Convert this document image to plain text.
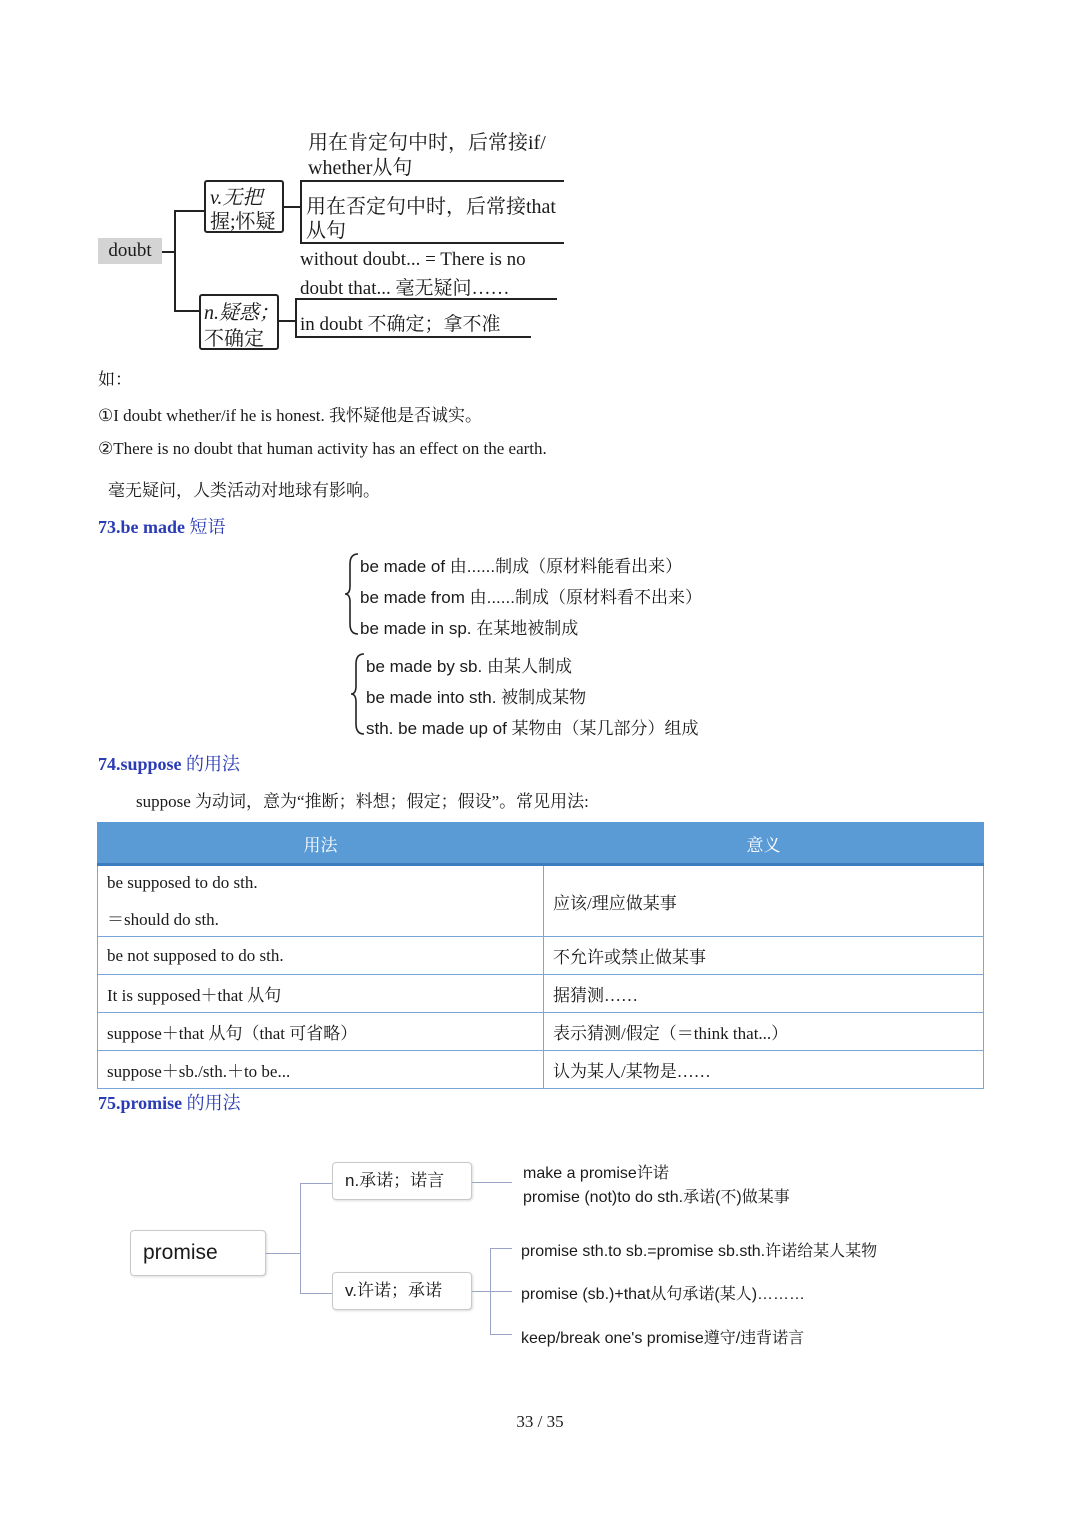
doubt
v.无把
握;怀疑
用在肯定句中时，后常接if/
whether从句
用在否定句中时，后常接that
从句
n.疑惑；
不确定
without doubt... = There is no
doubt that... 毫无疑问……
in doubt 不确定；拿不准
如：
①I doubt whether/if he is honest. 我怀疑他是否诚实。
②There is no doubt that human activity has an effect on the earth.
毫无疑问，人类活动对地球有影响。
73.be made 短语
be made of 由......制成（原材料能看出来）
be made from 由......制成（原材料看不出来）
be made in sp. 在某地被制成
be made by sb. 由某人制成
be made into sth. 被制成某物
sth. be made up of 某物由（某几部分）组成
74.suppose 的用法
suppose 为动词，意为“推断；料想；假定；假设”。常见用法:
用法	意义

be supposed to do sth.
＝should do sth.	应该/理应做某事
be not supposed to do sth.	不允许或禁止做某事
It is supposed＋that 从句	据猜测……
suppose＋that 从句（that 可省略）	表示猜测/假定（＝think that...）
suppose＋sb./sth.＋to be...	认为某人/某物是……
75.promise 的用法
promise
n.承诺；诺言	make a promise许诺
promise (not)to do sth.承诺(不)做某事
v.许诺；承诺
promise sth.to sb.=promise sb.sth.许诺给某人某物
promise (sb.)+that从句承诺(某人)………
keep/break one's promise遵守/违背诺言
33 / 35
